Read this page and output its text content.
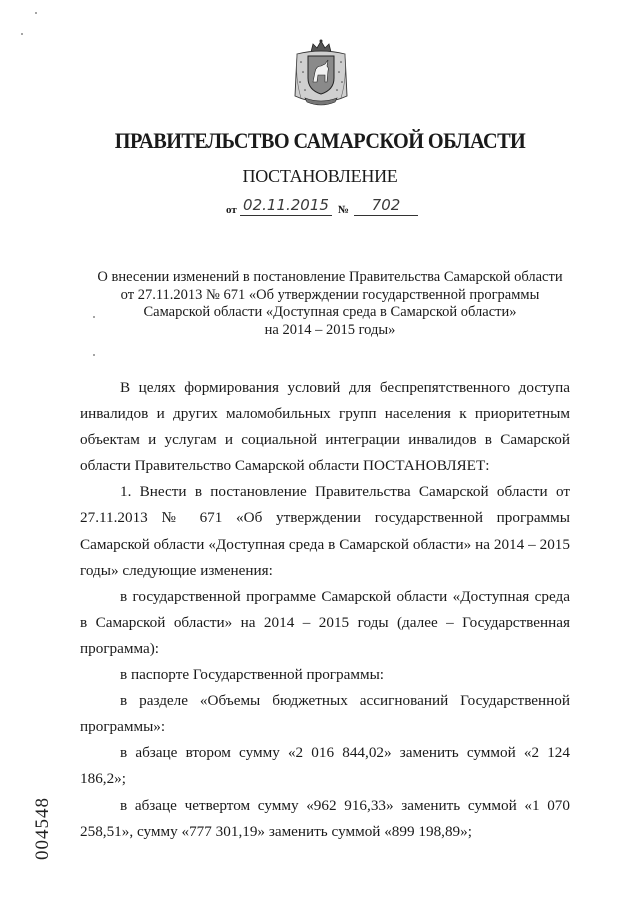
ПРАВИТЕЛЬСТВО САМАРСКОЙ ОБЛАСТИ
ПОСТАНОВЛЕНИЕ
от 02.11.2015 №	702
О внесении изменений в постановление Правительства Самарской области
от 27.11.2013 № 671 «Об утверждении государственной программы
Самарской области «Доступная среда в Самарской области»
на 2014 – 2015 годы»

В целях формирования условий для беспрепятственного доступа инвалидов и других маломобильных групп населения к приоритетным объектам и услугам и социальной интеграции инвалидов в Самарской области Правительство Самарской области ПОСТАНОВЛЯЕТ:

1. Внести в постановление Правительства Самарской области от 27.11.2013 № 671 «Об утверждении государственной программы Самарской области «Доступная среда в Самарской области» на 2014 – 2015 годы» следующие изменения:

в государственной программе Самарской области «Доступная среда в Самарской области» на 2014 – 2015 годы (далее – Государственная программа):

в паспорте Государственной программы:

в разделе «Объемы бюджетных ассигнований Государственной программы»:

в абзаце втором сумму «2 016 844,02» заменить суммой «2 124 186,2»;

в абзаце четвертом сумму «962 916,33» заменить суммой «1 070 258,51», сумму «777 301,19» заменить суммой «899 198,89»;

004548
